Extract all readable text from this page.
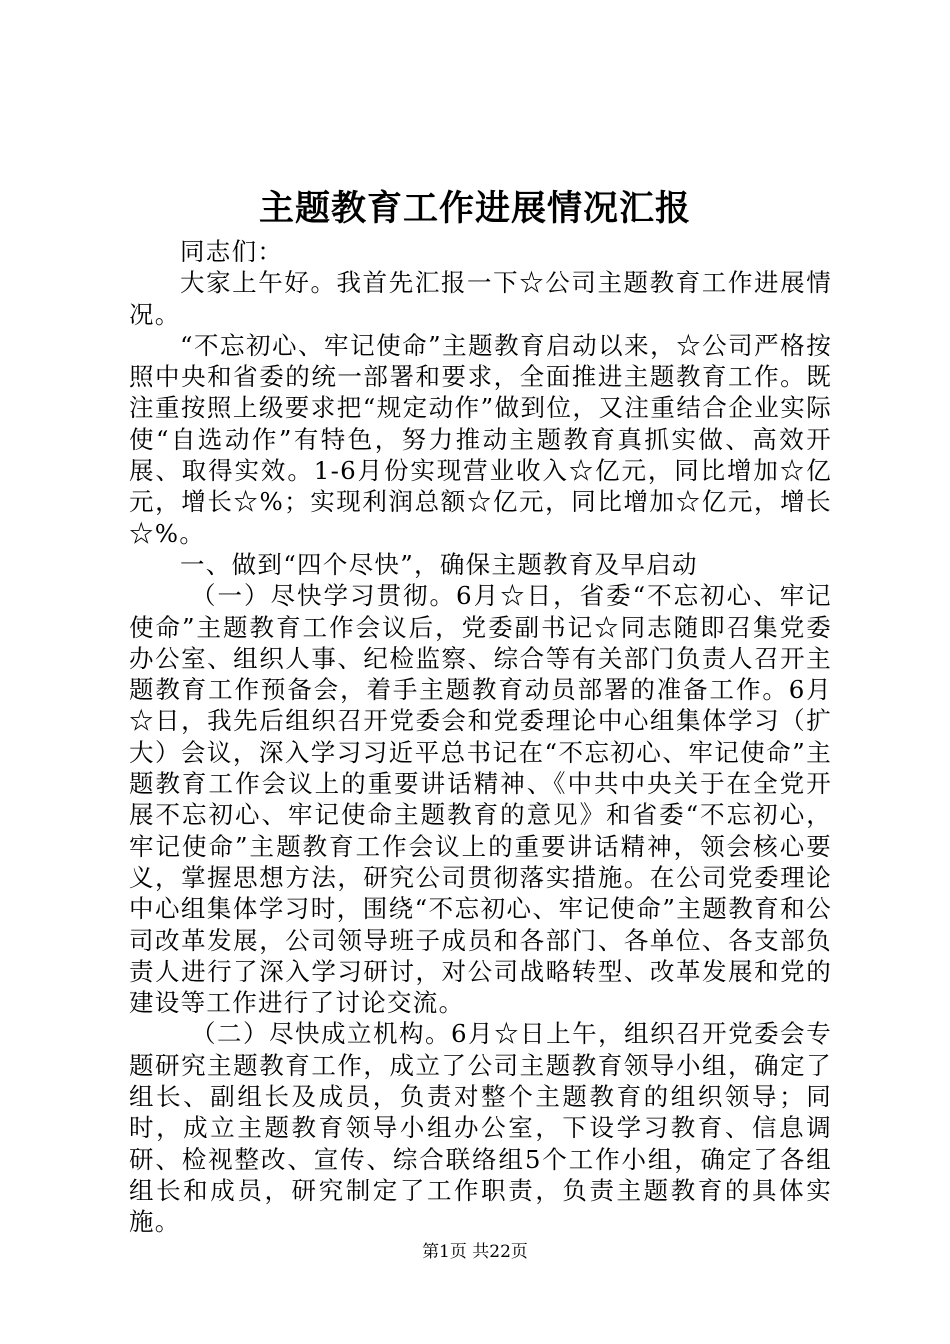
主题教育工作进展情况汇报

同志们：

大家上午好。我首先汇报一下☆公司主题教育工作进展情况。

“不忘初心、牢记使命”主题教育启动以来，☆公司严格按照中央和省委的统一部署和要求，全面推进主题教育工作。既注重按照上级要求把“规定动作”做到位，又注重结合企业实际使“自选动作”有特色，努力推动主题教育真抓实做、高效开展、取得实效。1-6月份实现营业收入☆亿元，同比增加☆亿元，增长☆%；实现利润总额☆亿元，同比增加☆亿元，增长☆%。

一、做到“四个尽快”，确保主题教育及早启动

（一）尽快学习贯彻。6月☆日，省委“不忘初心、牢记使命”主题教育工作会议后，党委副书记☆同志随即召集党委办公室、组织人事、纪检监察、综合等有关部门负责人召开主题教育工作预备会，着手主题教育动员部署的准备工作。6月☆日，我先后组织召开党委会和党委理论中心组集体学习（扩大）会议，深入学习习近平总书记在“不忘初心、牢记使命”主题教育工作会议上的重要讲话精神、《中共中央关于在全党开展不忘初心、牢记使命主题教育的意见》和省委“不忘初心，牢记使命”主题教育工作会议上的重要讲话精神，领会核心要义，掌握思想方法，研究公司贯彻落实措施。在公司党委理论中心组集体学习时，围绕“不忘初心、牢记使命”主题教育和公司改革发展，公司领导班子成员和各部门、各单位、各支部负责人进行了深入学习研讨，对公司战略转型、改革发展和党的建设等工作进行了讨论交流。

（二）尽快成立机构。6月☆日上午，组织召开党委会专题研究主题教育工作，成立了公司主题教育领导小组，确定了组长、副组长及成员，负责对整个主题教育的组织领导；同时，成立主题教育领导小组办公室，下设学习教育、信息调研、检视整改、宣传、综合联络组5个工作小组，确定了各组组长和成员，研究制定了工作职责，负责主题教育的具体实施。

第1页 共22页
